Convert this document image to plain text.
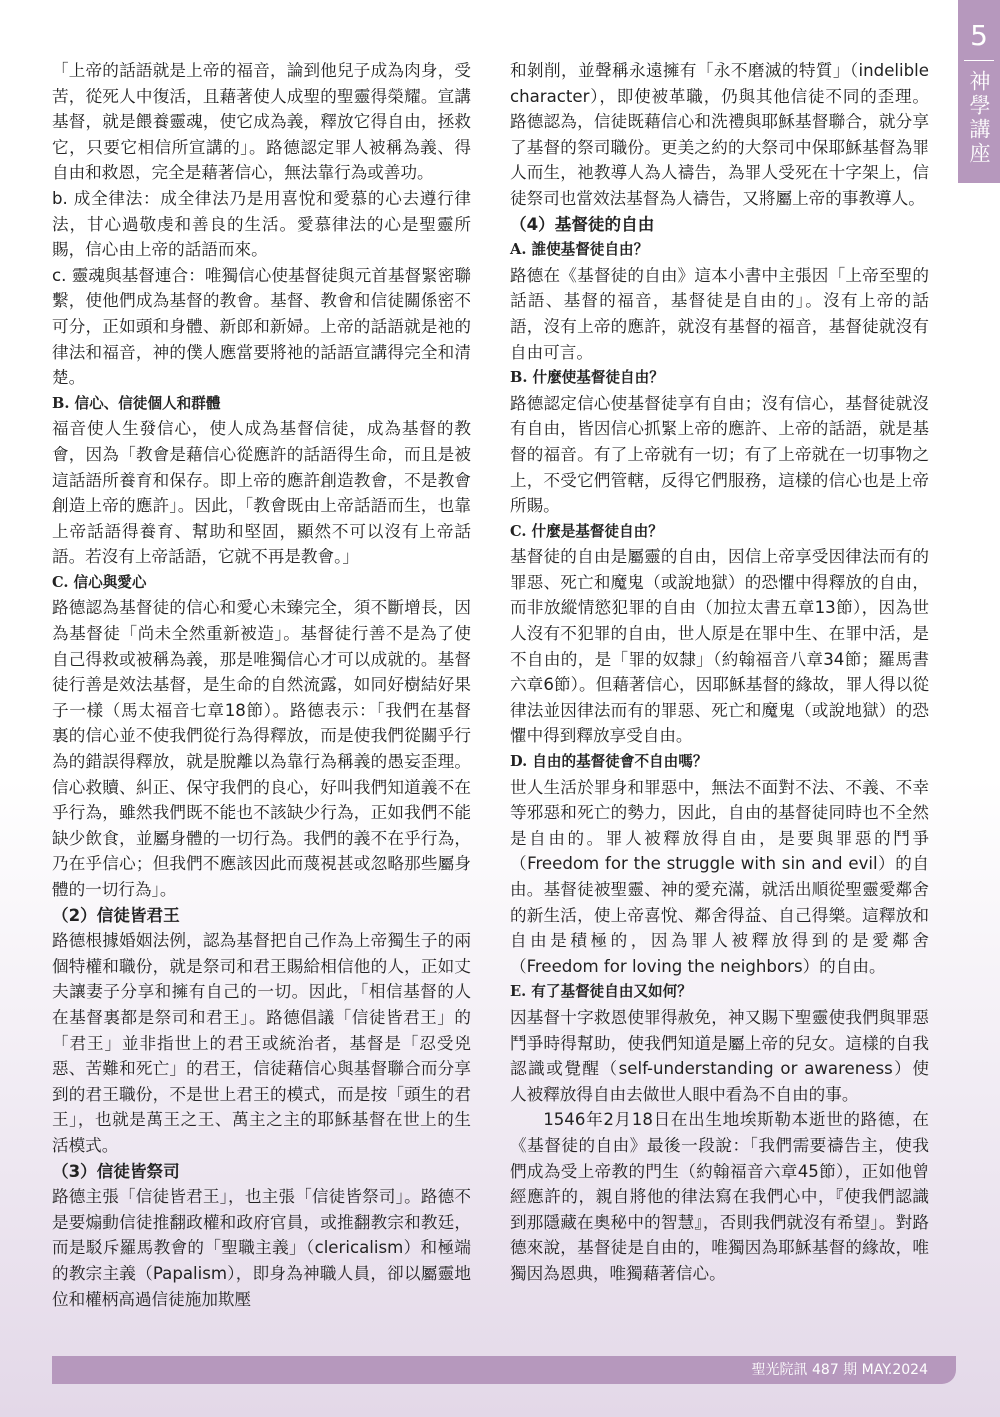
5
神學講座

「上帝的話語就是上帝的福音，論到他兒子成為肉身，受苦，從死人中復活，且藉著使人成聖的聖靈得榮耀。宣講基督，就是餵養靈魂，使它成為義，釋放它得自由，拯救它，只要它相信所宣講的」。路德認定罪人被稱為義、得自由和救恩，完全是藉著信心，無法靠行為或善功。

b. 成全律法：成全律法乃是用喜悅和愛慕的心去遵行律法，甘心過敬虔和善良的生活。愛慕律法的心是聖靈所賜，信心由上帝的話語而來。

c. 靈魂與基督連合：唯獨信心使基督徒與元首基督緊密聯繫，使他們成為基督的教會。基督、教會和信徒關係密不可分，正如頭和身體、新郎和新婦。上帝的話語就是祂的律法和福音，神的僕人應當要將祂的話語宣講得完全和清楚。

B. 信心、信徒個人和群體

福音使人生發信心，使人成為基督信徒，成為基督的教會，因為「教會是藉信心從應許的話語得生命，而且是被這話語所養育和保存。即上帝的應許創造教會，不是教會創造上帝的應許」。因此，「教會既由上帝話語而生，也靠上帝話語得養育、幫助和堅固，顯然不可以沒有上帝話語。若沒有上帝話語，它就不再是教會。」

C. 信心與愛心

路德認為基督徒的信心和愛心未臻完全，須不斷增長，因為基督徒「尚未全然重新被造」。基督徒行善不是為了使自己得救或被稱為義，那是唯獨信心才可以成就的。基督徒行善是效法基督，是生命的自然流露，如同好樹結好果子一樣（馬太福音七章18節）。路德表示：「我們在基督裏的信心並不使我們從行為得釋放，而是使我們從關乎行為的錯誤得釋放，就是脫離以為靠行為稱義的愚妄歪理。信心救贖、糾正、保守我們的良心，好叫我們知道義不在乎行為，雖然我們既不能也不該缺少行為，正如我們不能缺少飲食，並屬身體的一切行為。我們的義不在乎行為，乃在乎信心；但我們不應該因此而蔑視甚或忽略那些屬身體的一切行為」。

（2）信徒皆君王

路德根據婚姻法例，認為基督把自己作為上帝獨生子的兩個特權和職份，就是祭司和君王賜給相信他的人，正如丈夫讓妻子分享和擁有自己的一切。因此，「相信基督的人在基督裏都是祭司和君王」。路德倡議「信徒皆君王」的「君王」並非指世上的君王或統治者，基督是「忍受兇惡、苦難和死亡」的君王，信徒藉信心與基督聯合而分享到的君王職份，不是世上君王的模式，而是按「頭生的君王」，也就是萬王之王、萬主之主的耶穌基督在世上的生活模式。

（3）信徒皆祭司

路德主張「信徒皆君王」，也主張「信徒皆祭司」。路德不是要煽動信徒推翻政權和政府官員，或推翻教宗和教廷，而是駁斥羅馬教會的「聖職主義」（clericalism）和極端的教宗主義（Papalism），即身為神職人員，卻以屬靈地位和權柄高過信徒施加欺壓

和剝削，並聲稱永遠擁有「永不磨滅的特質」（indelible character），即使被革職，仍與其他信徒不同的歪理。路德認為，信徒既藉信心和洗禮與耶穌基督聯合，就分享了基督的祭司職份。更美之約的大祭司中保耶穌基督為罪人而生，祂教導人為人禱告，為罪人受死在十字架上，信徒祭司也當效法基督為人禱告，又將屬上帝的事教導人。

（4）基督徒的自由
A. 誰使基督徒自由？

路德在《基督徒的自由》這本小書中主張因「上帝至聖的話語、基督的福音，基督徒是自由的」。沒有上帝的話語，沒有上帝的應許，就沒有基督的福音，基督徒就沒有自由可言。

B. 什麼使基督徒自由？

路德認定信心使基督徒享有自由；沒有信心，基督徒就沒有自由，皆因信心抓緊上帝的應許、上帝的話語，就是基督的福音。有了上帝就有一切；有了上帝就在一切事物之上，不受它們管轄，反得它們服務，這樣的信心也是上帝所賜。

C. 什麼是基督徒自由？

基督徒的自由是屬靈的自由，因信上帝享受因律法而有的罪惡、死亡和魔鬼（或說地獄）的恐懼中得釋放的自由，而非放縱情慾犯罪的自由（加拉太書五章13節），因為世人沒有不犯罪的自由，世人原是在罪中生、在罪中活，是不自由的，是「罪的奴隸」（約翰福音八章34節；羅馬書六章6節）。但藉著信心，因耶穌基督的緣故，罪人得以從律法並因律法而有的罪惡、死亡和魔鬼（或說地獄）的恐懼中得到釋放享受自由。

D. 自由的基督徒會不自由嗎？

世人生活於罪身和罪惡中，無法不面對不法、不義、不幸等邪惡和死亡的勢力，因此，自由的基督徒同時也不全然是自由的。罪人被釋放得自由，是要與罪惡的鬥爭（Freedom for the struggle with sin and evil）的自由。基督徒被聖靈、神的愛充滿，就活出順從聖靈愛鄰舍的新生活，使上帝喜悅、鄰舍得益、自己得樂。這釋放和自由是積極的，因為罪人被釋放得到的是愛鄰舍（Freedom for loving the neighbors）的自由。

E. 有了基督徒自由又如何？

因基督十字救恩使罪得赦免，神又賜下聖靈使我們與罪惡鬥爭時得幫助，使我們知道是屬上帝的兒女。這樣的自我認識或覺醒（self-understanding or awareness）使人被釋放得自由去做世人眼中看為不自由的事。

1546年2月18日在出生地埃斯勒本逝世的路德，在《基督徒的自由》最後一段說：「我們需要禱告主，使我們成為受上帝教的門生（約翰福音六章45節），正如他曾經應許的，親自將他的律法寫在我們心中，『使我們認識到那隱藏在奧秘中的智慧』，否則我們就沒有希望」。對路德來說，基督徒是自由的，唯獨因為耶穌基督的緣故，唯獨因為恩典，唯獨藉著信心。

聖光院訊 487 期 MAY.2024
